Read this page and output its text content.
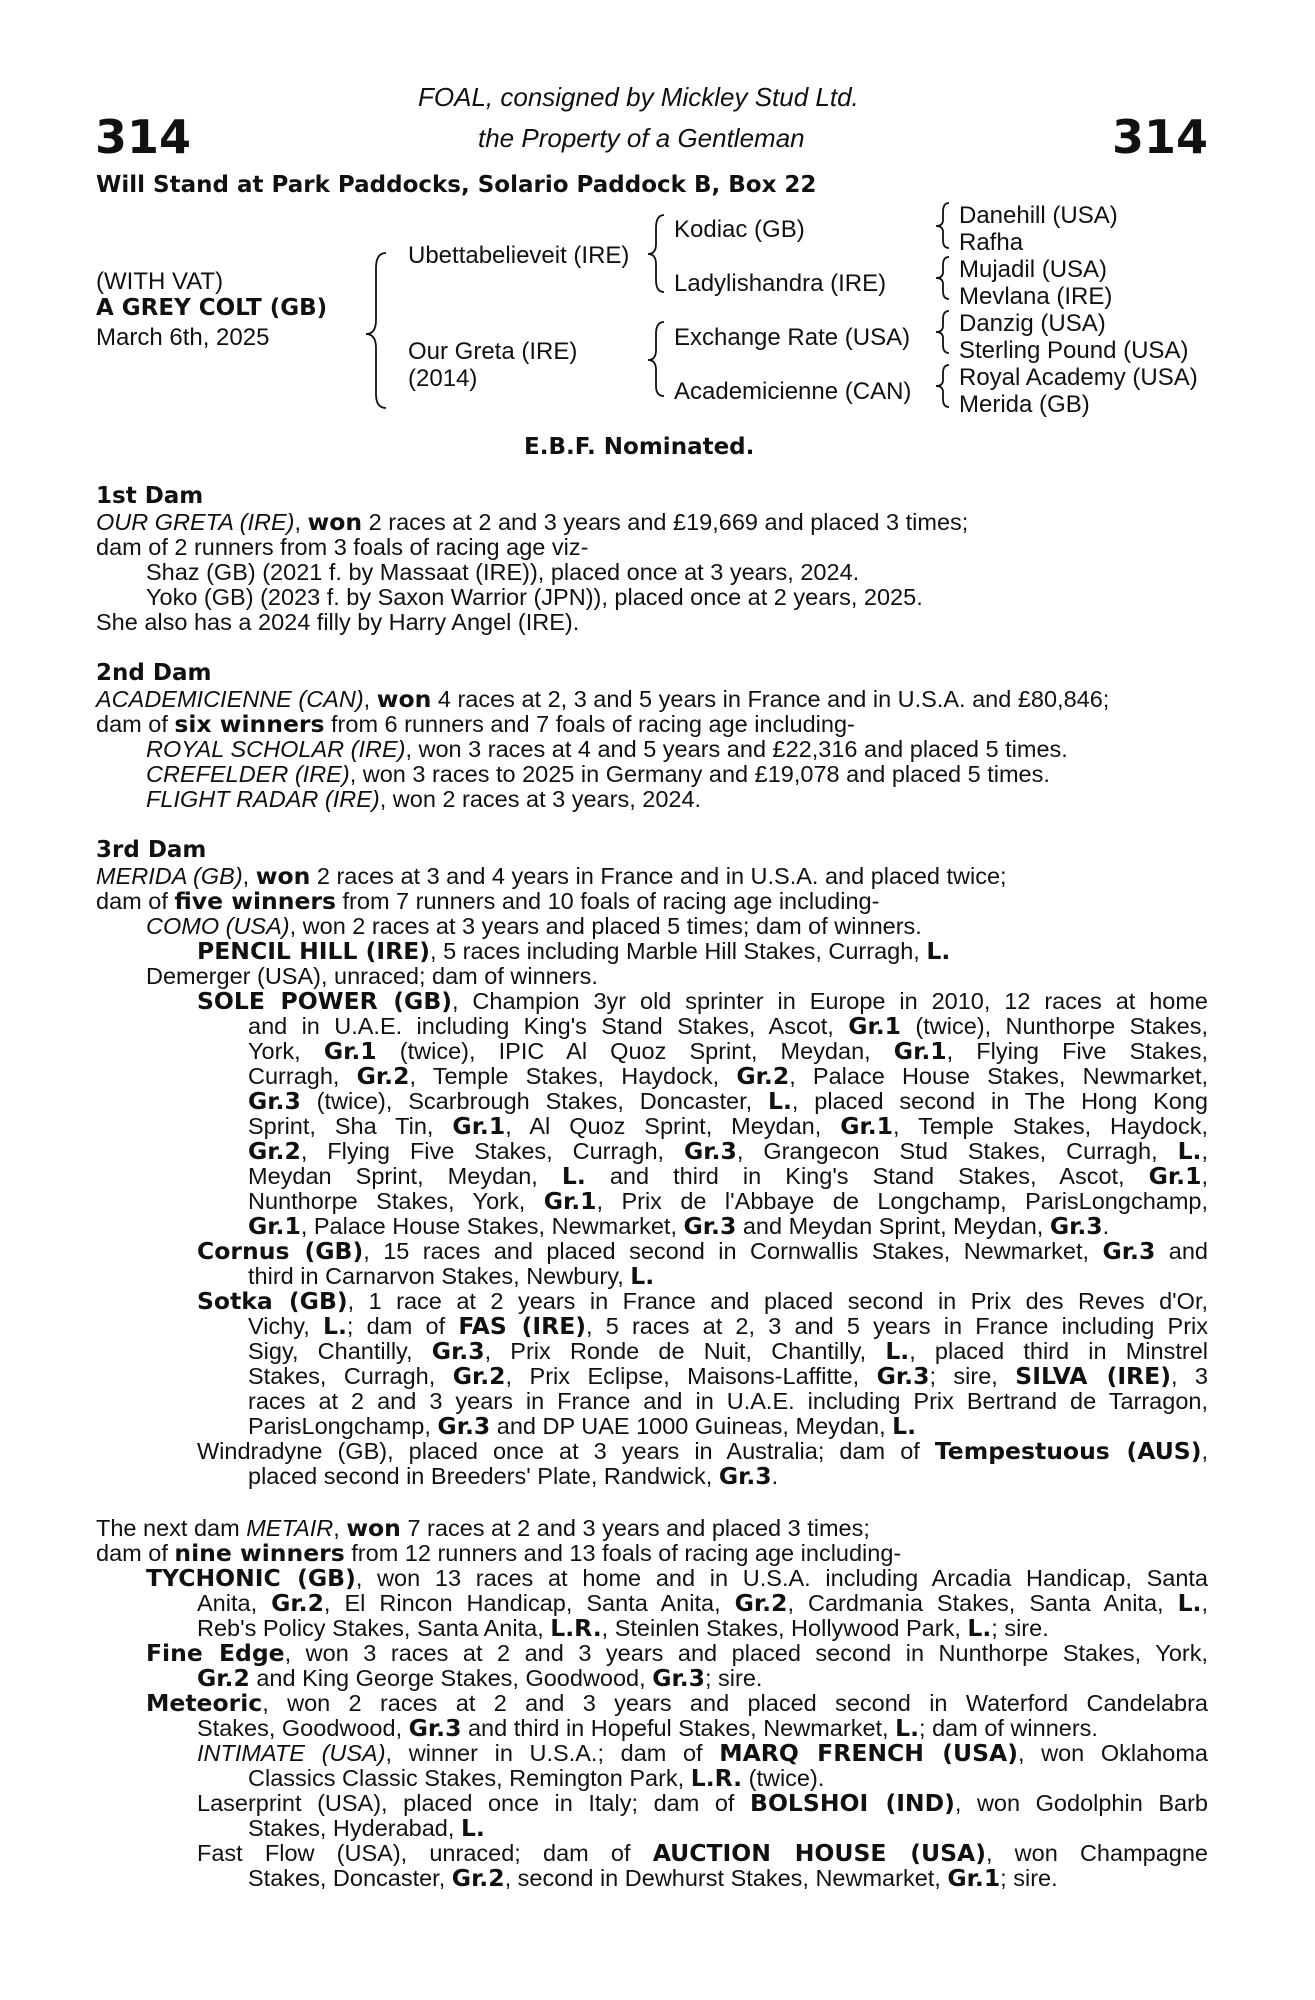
314	314
FOAL, consigned by Mickley Stud Ltd.
the Property of a Gentleman
Will Stand at Park Paddocks, Solario Paddock B, Box 22
(WITH VAT)
A GREY COLT (GB)
March 6th, 2025
Ubettabelieveit (IRE)
Our Greta (IRE)
(2014)
Kodiac (GB)
Ladylishandra (IRE)
Exchange Rate (USA)
Academicienne (CAN)
Danehill (USA)
Rafha
Mujadil (USA)
Mevlana (IRE)
Danzig (USA)
Sterling Pound (USA)
Royal Academy (USA)
Merida (GB)
E.B.F. Nominated.
1st Dam
OUR GRETA (IRE), won 2 races at 2 and 3 years and £19,669 and placed 3 times;
dam of 2 runners from 3 foals of racing age viz-
Shaz (GB) (2021 f. by Massaat (IRE)), placed once at 3 years, 2024.
Yoko (GB) (2023 f. by Saxon Warrior (JPN)), placed once at 2 years, 2025.
She also has a 2024 filly by Harry Angel (IRE).
2nd Dam
ACADEMICIENNE (CAN), won 4 races at 2, 3 and 5 years in France and in U.S.A. and £80,846;
dam of six winners from 6 runners and 7 foals of racing age including-
ROYAL SCHOLAR (IRE), won 3 races at 4 and 5 years and £22,316 and placed 5 times.
CREFELDER (IRE), won 3 races to 2025 in Germany and £19,078 and placed 5 times.
FLIGHT RADAR (IRE), won 2 races at 3 years, 2024.
3rd Dam
MERIDA (GB), won 2 races at 3 and 4 years in France and in U.S.A. and placed twice;
dam of five winners from 7 runners and 10 foals of racing age including-
COMO (USA), won 2 races at 3 years and placed 5 times; dam of winners.
PENCIL HILL (IRE), 5 races including Marble Hill Stakes, Curragh, L.
Demerger (USA), unraced; dam of winners.
SOLE POWER (GB), Champion 3yr old sprinter in Europe in 2010, 12 races at home
and in U.A.E. including King's Stand Stakes, Ascot, Gr.1 (twice), Nunthorpe Stakes,
York, Gr.1 (twice), IPIC Al Quoz Sprint, Meydan, Gr.1, Flying Five Stakes,
Curragh, Gr.2, Temple Stakes, Haydock, Gr.2, Palace House Stakes, Newmarket,
Gr.3 (twice), Scarbrough Stakes, Doncaster, L., placed second in The Hong Kong
Sprint, Sha Tin, Gr.1, Al Quoz Sprint, Meydan, Gr.1, Temple Stakes, Haydock,
Gr.2, Flying Five Stakes, Curragh, Gr.3, Grangecon Stud Stakes, Curragh, L.,
Meydan Sprint, Meydan, L. and third in King's Stand Stakes, Ascot, Gr.1,
Nunthorpe Stakes, York, Gr.1, Prix de l'Abbaye de Longchamp, ParisLongchamp,
Gr.1, Palace House Stakes, Newmarket, Gr.3 and Meydan Sprint, Meydan, Gr.3.
Cornus (GB), 15 races and placed second in Cornwallis Stakes, Newmarket, Gr.3 and
third in Carnarvon Stakes, Newbury, L.
Sotka (GB), 1 race at 2 years in France and placed second in Prix des Reves d'Or,
Vichy, L.; dam of FAS (IRE), 5 races at 2, 3 and 5 years in France including Prix
Sigy, Chantilly, Gr.3, Prix Ronde de Nuit, Chantilly, L., placed third in Minstrel
Stakes, Curragh, Gr.2, Prix Eclipse, Maisons-Laffitte, Gr.3; sire, SILVA (IRE), 3
races at 2 and 3 years in France and in U.A.E. including Prix Bertrand de Tarragon,
ParisLongchamp, Gr.3 and DP UAE 1000 Guineas, Meydan, L.
Windradyne (GB), placed once at 3 years in Australia; dam of Tempestuous (AUS),
placed second in Breeders' Plate, Randwick, Gr.3.
The next dam METAIR, won 7 races at 2 and 3 years and placed 3 times;
dam of nine winners from 12 runners and 13 foals of racing age including-
TYCHONIC (GB), won 13 races at home and in U.S.A. including Arcadia Handicap, Santa
Anita, Gr.2, El Rincon Handicap, Santa Anita, Gr.2, Cardmania Stakes, Santa Anita, L.,
Reb's Policy Stakes, Santa Anita, L.R., Steinlen Stakes, Hollywood Park, L.; sire.
Fine Edge, won 3 races at 2 and 3 years and placed second in Nunthorpe Stakes, York,
Gr.2 and King George Stakes, Goodwood, Gr.3; sire.
Meteoric, won 2 races at 2 and 3 years and placed second in Waterford Candelabra
Stakes, Goodwood, Gr.3 and third in Hopeful Stakes, Newmarket, L.; dam of winners.
INTIMATE (USA), winner in U.S.A.; dam of MARQ FRENCH (USA), won Oklahoma
Classics Classic Stakes, Remington Park, L.R. (twice).
Laserprint (USA), placed once in Italy; dam of BOLSHOI (IND), won Godolphin Barb
Stakes, Hyderabad, L.
Fast Flow (USA), unraced; dam of AUCTION HOUSE (USA), won Champagne
Stakes, Doncaster, Gr.2, second in Dewhurst Stakes, Newmarket, Gr.1; sire.
